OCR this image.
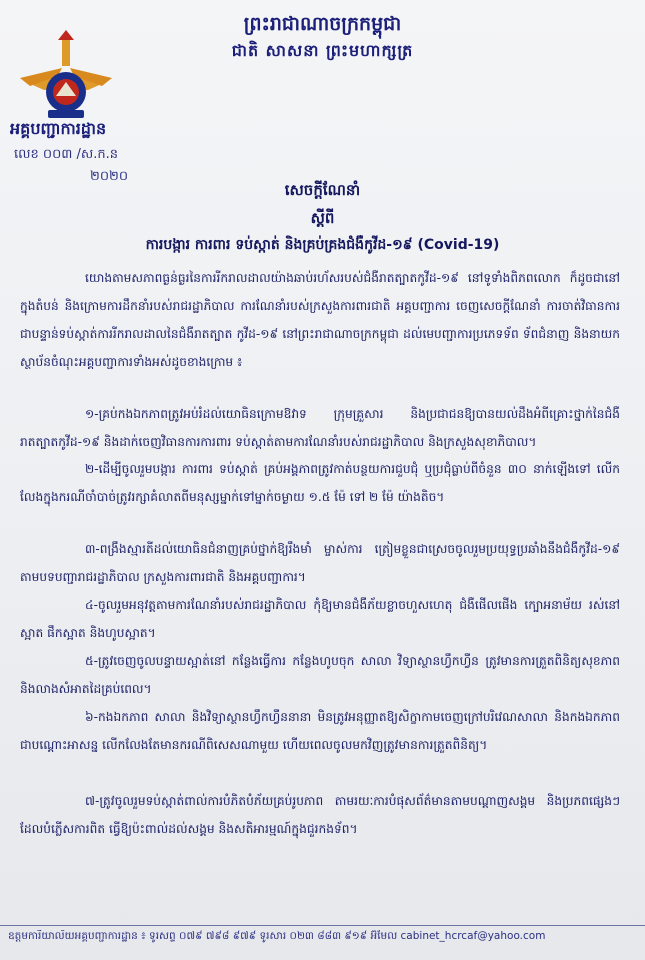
ព្រះរាជាណាចក្រកម្ពុជា
ជាតិ សាសនា ព្រះមហាក្សត្រ
អគ្គបញ្ជាការដ្ឋាន
លេខ ០០៣ /ស.ក.ន
២០២០
សេចក្តីណែនាំ
ស្តីពី
ការបង្ការ ការពារ ទប់ស្កាត់ និងគ្រប់គ្រងជំងឺកូវីដ-១៩ (Covid-19)
យោងតាមសភាពធ្ងន់ធ្ងរនៃការរីករាលដាលយ៉ាងឆាប់រហ័សរបស់ជំងឺរាតត្បាតកូវីដ-១៩ នៅទូទាំងពិភពលោក ក៏ដូចជានៅក្នុងតំបន់ និងក្រោមការដឹកនាំរបស់រាជរដ្ឋាភិបាល ការណែនាំរបស់ក្រសួងការពារជាតិ អគ្គបញ្ជាការ ចេញសេចក្តីណែនាំ ការចាត់វិធានការជាបន្ទាន់ទប់ស្កាត់ការរីករាលដាលនៃជំងឺរាតត្បាត កូវីដ-១៩ នៅព្រះរាជាណាចក្រកម្ពុជា ដល់មេបញ្ជាការប្រភេទទ័ព ទ័ពជំនាញ និងនាយកស្ថាប័នចំណុះអគ្គបញ្ជាការទាំងអស់ដូចខាងក្រោម ៖
១-គ្រប់កងឯកភាពត្រូវអប់រំដល់យោធិនក្រោមឱវាទ ក្រុមគ្រួសារ និងប្រជាជនឱ្យបានយល់ដឹងអំពីគ្រោះថ្នាក់នៃជំងឺរាតត្បាតកូវីដ-១៩ និងដាក់ចេញវិធានការការពារ ទប់ស្កាត់តាមការណែនាំរបស់រាជរដ្ឋាភិបាល និងក្រសួងសុខាភិបាល។
២-ដើម្បីចូលរួមបង្ការ ការពារ ទប់ស្កាត់ គ្រប់អង្គភាពត្រូវកាត់បន្ថយការជួបជុំ ឬប្រជុំធ្លាប់ពីចំនួន ៣០ នាក់ឡើងទៅ លើកលែងក្នុងករណីចាំបាច់ត្រូវរក្សាគំលាតពីមនុស្សម្នាក់ទៅម្នាក់ចម្ងាយ ១.៥ ម៉ែ ទៅ ២ ម៉ែ យ៉ាងតិច។
៣-ពង្រឹងស្មារតីដល់យោធិនជំនាញគ្រប់ថ្នាក់ឱ្យរឹងមាំ ម្ចាស់ការ ត្រៀមខ្លួនជាស្រេចចូលរួមប្រយុទ្ធប្រឆាំងនឹងជំងឺកូវីដ-១៩ តាមបទបញ្ជារាជរដ្ឋាភិបាល ក្រសួងការពារជាតិ និងអគ្គបញ្ជាការ។
៤-ចូលរួមអនុវត្តតាមការណែនាំរបស់រាជរដ្ឋាភិបាល កុំឱ្យមានជំងឺភ័យខ្លាចហួសហេតុ ជំងឺផើលផើង ក្បោអនាម័យ រស់នៅស្អាត ផឹកស្អាត និងហូបស្អាត។
៥-ត្រូវចេញចូលបន្ទាយស្អាត់នៅ កន្លែងធ្វើការ កន្លែងហូបចុក សាលា វិទ្យាស្ថានហ្វឹកហ្វឺន ត្រូវមានការត្រួតពិនិត្យសុខភាព និងលាងសំអាតដៃគ្រប់ពេល។
៦-កងឯកភាព សាលា និងវិទ្យាស្ថានហ្វឹកហ្វឺននានា មិនត្រូវអនុញ្ញាតឱ្យសិក្ខាកាមចេញក្រៅបរិវេណសាលា និងកងឯកភាពជាបណ្តោះអាសន្ន លើកលែងតែមានករណីពិសេសណាមួយ ហើយពេលចូលមកវិញត្រូវមានការត្រួតពិនិត្យ។
៧-ត្រូវចូលរួមទប់ស្កាត់ពាល់ការបំភិតបំភ័យគ្រប់រូបភាព តាមរយៈការបំផុសព័ត៌មានតាមបណ្តាញសង្គម និងប្រភពផ្សេងៗដែលបំភ្លើសការពិត ធ្វើឱ្យប៉ះពាល់ដល់សង្គម និងសតិអារម្មណ៍ក្នុងជួរកងទ័ព។
ឧត្តមការិយាល័យអគ្គបញ្ជាការដ្ឋាន ៖ ទូរសព្ទ ០៧៩ ៧៩៨ ៩៧៩ ទូរសារ ០២៣ ៨៨៣ ៩១៩ អ៊ីមែល cabinet_hcrcaf@yahoo.com
